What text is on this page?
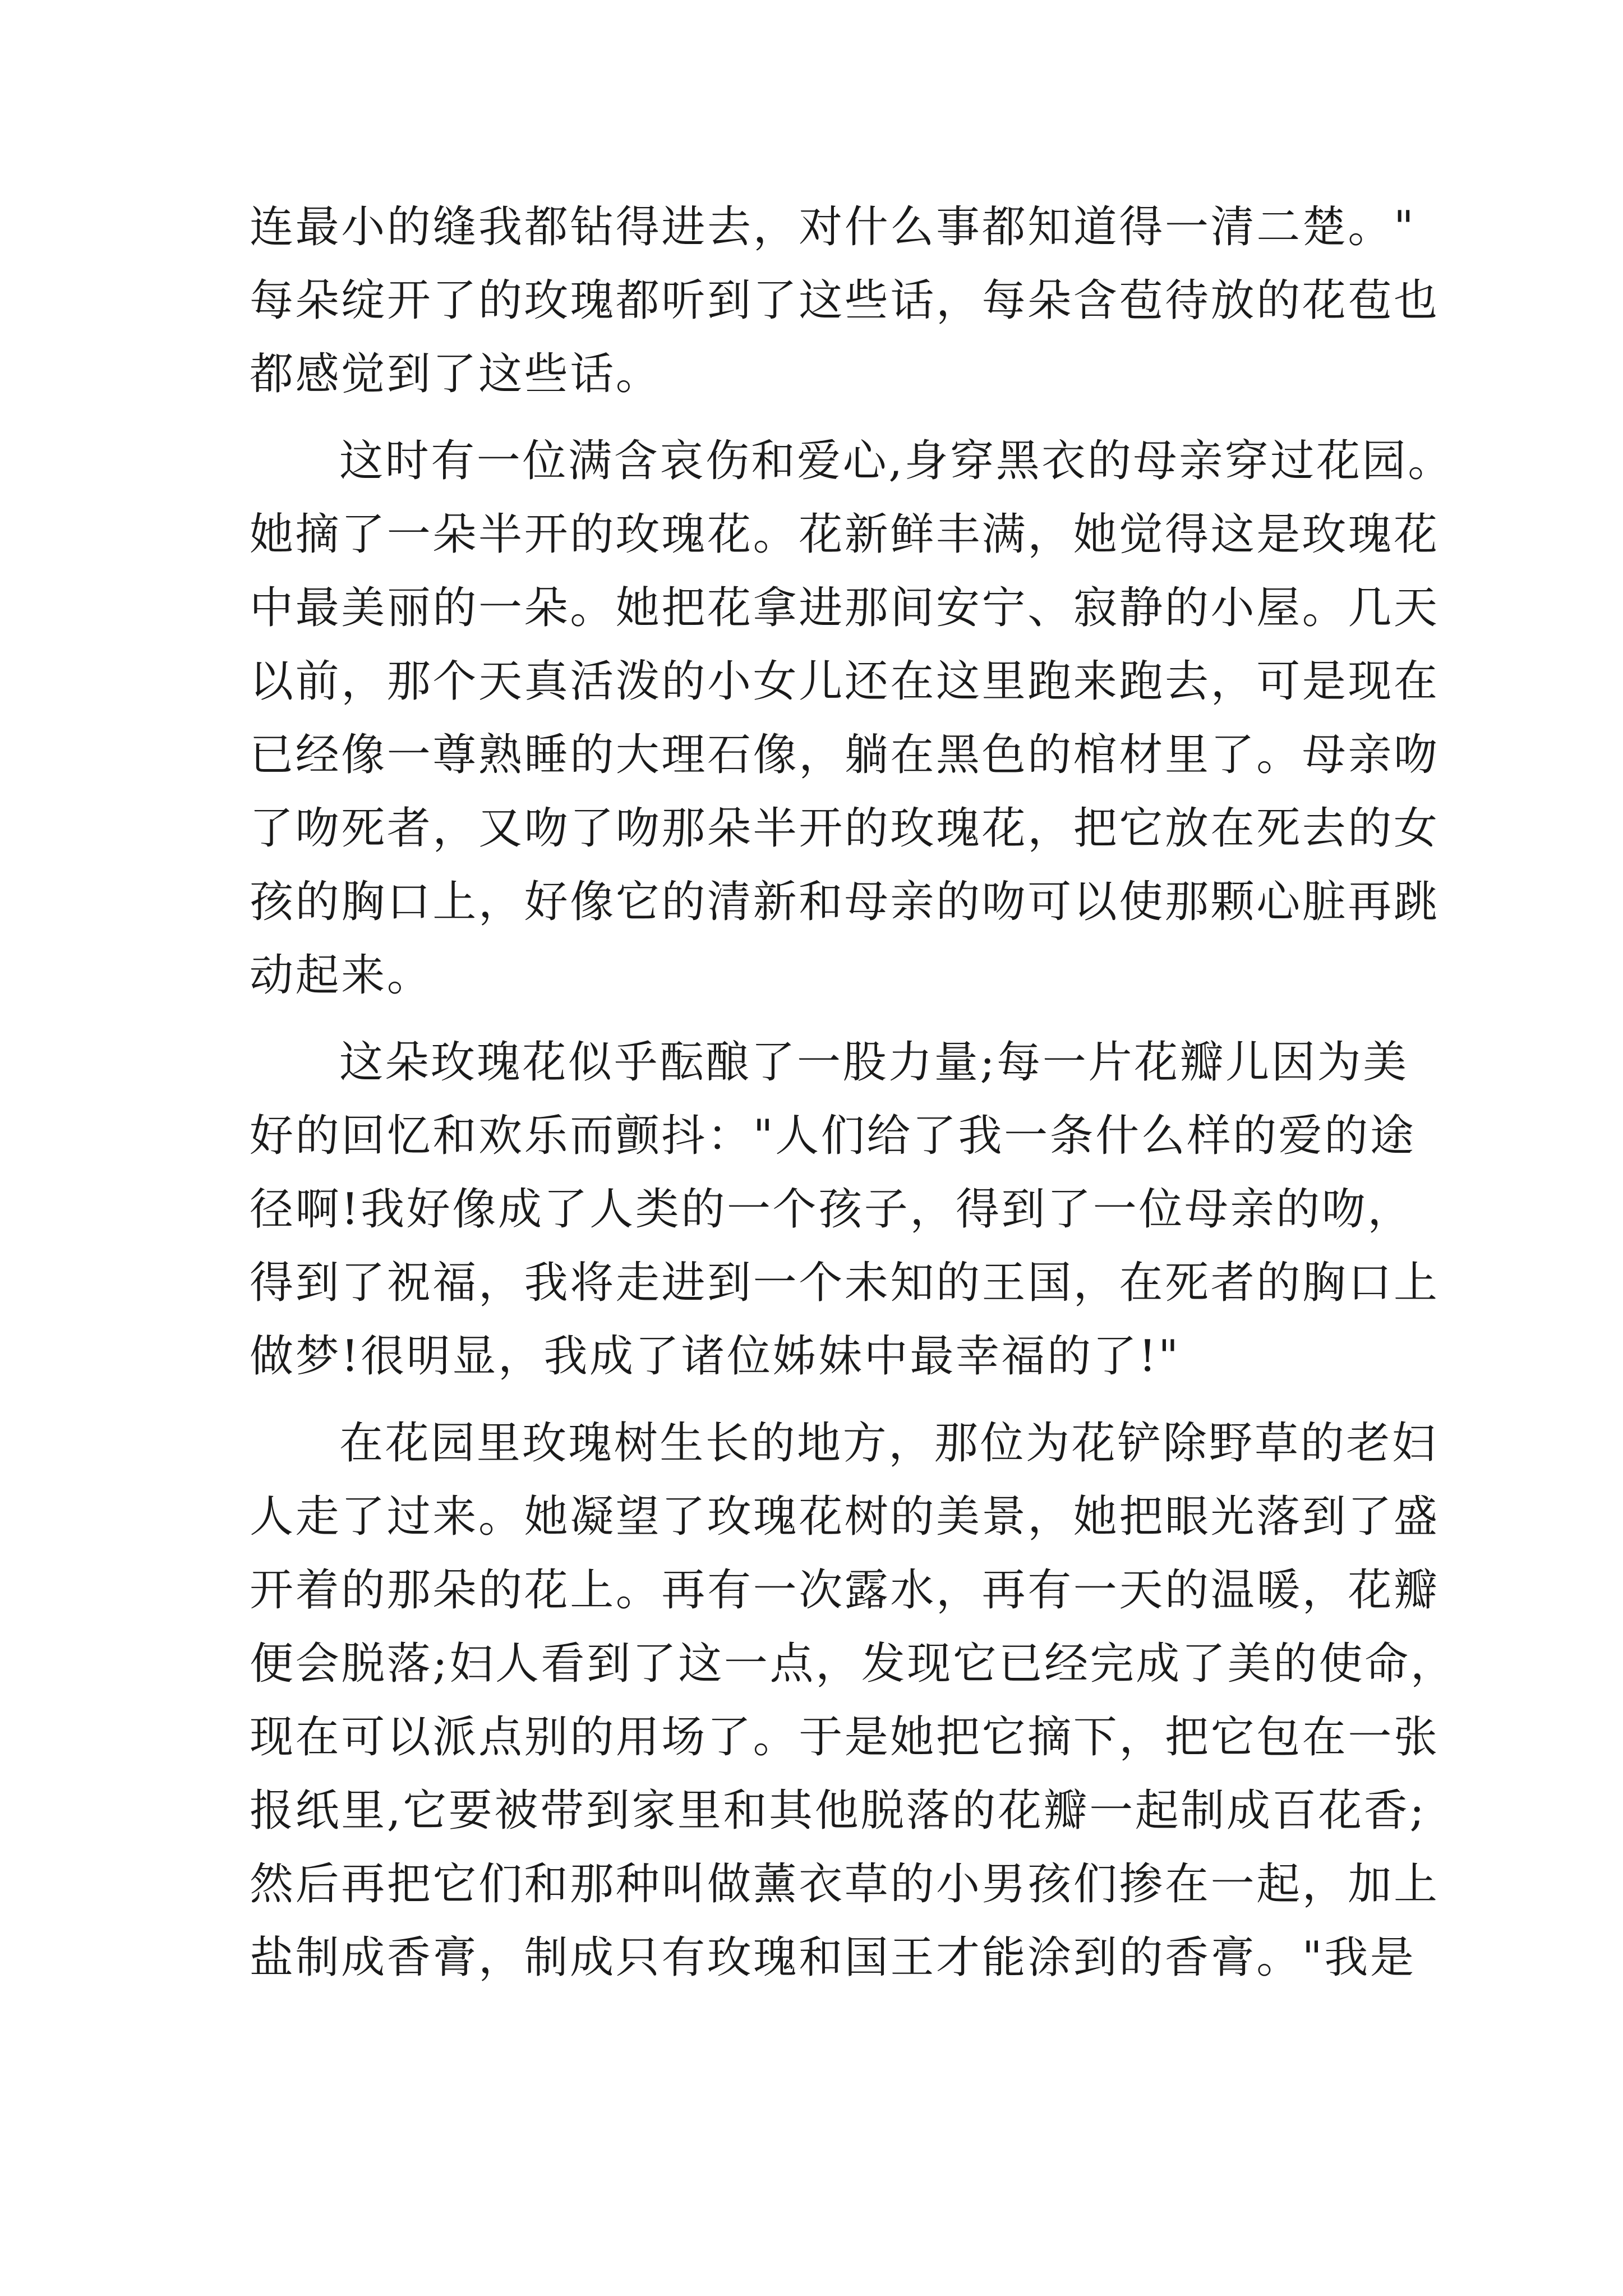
连最小的缝我都钻得进去，对什么事都知道得一清二楚。"
每朵绽开了的玫瑰都听到了这些话，每朵含苞待放的花苞也
都感觉到了这些话。
这时有一位满含哀伤和爱心,身穿黑衣的母亲穿过花园。
她摘了一朵半开的玫瑰花。花新鲜丰满，她觉得这是玫瑰花
中最美丽的一朵。她把花拿进那间安宁、寂静的小屋。几天
以前，那个天真活泼的小女儿还在这里跑来跑去，可是现在
已经像一尊熟睡的大理石像，躺在黑色的棺材里了。母亲吻
了吻死者，又吻了吻那朵半开的玫瑰花，把它放在死去的女
孩的胸口上，好像它的清新和母亲的吻可以使那颗心脏再跳
动起来。
这朵玫瑰花似乎酝酿了一股力量;每一片花瓣儿因为美
好的回忆和欢乐而颤抖："人们给了我一条什么样的爱的途
径啊!我好像成了人类的一个孩子，得到了一位母亲的吻，
得到了祝福，我将走进到一个未知的王国，在死者的胸口上
做梦!很明显，我成了诸位姊妹中最幸福的了!"
在花园里玫瑰树生长的地方，那位为花铲除野草的老妇
人走了过来。她凝望了玫瑰花树的美景，她把眼光落到了盛
开着的那朵的花上。再有一次露水，再有一天的温暖，花瓣
便会脱落;妇人看到了这一点，发现它已经完成了美的使命，
现在可以派点别的用场了。于是她把它摘下，把它包在一张
报纸里,它要被带到家里和其他脱落的花瓣一起制成百花香;
然后再把它们和那种叫做薰衣草的小男孩们掺在一起，加上
盐制成香膏，制成只有玫瑰和国王才能涂到的香膏。"我是
